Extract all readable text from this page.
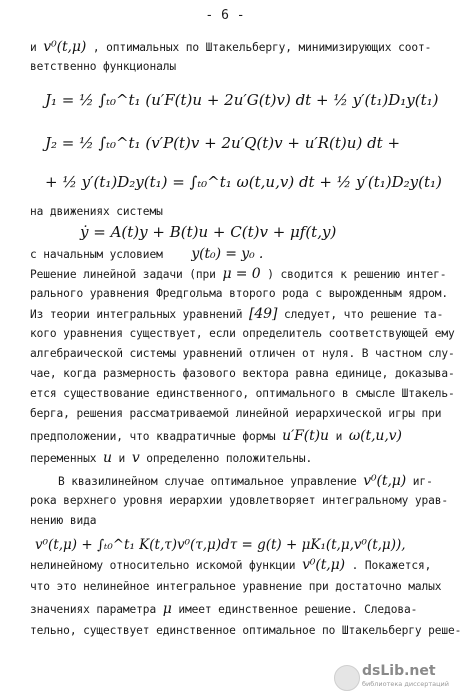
- 6 -
и v⁰(t,μ) , оптимальных по Штакельбергу, минимизирующих соот-
ветственно функционалы
J₁ = ½ ∫ₜ₀^t₁ (u′F(t)u + 2u′G(t)v) dt + ½ y′(t₁)D₁y(t₁)
J₂ = ½ ∫ₜ₀^t₁ (v′P(t)v + 2u′Q(t)v + u′R(t)u) dt +
+ ½ y′(t₁)D₂y(t₁) = ∫ₜ₀^t₁ ω(t,u,v) dt + ½ y′(t₁)D₂y(t₁)
на движениях системы
ẏ = A(t)y + B(t)u + C(t)v + μf(t,y)
с начальным условием y(t₀) = y₀ .
Решение линейной задачи (при μ = 0 ) сводится к решению интег-
рального уравнения Фредгольма второго рода с вырожденным ядром.
Из теории интегральных уравнений [49] следует, что решение та-
кого уравнения существует, если определитель соответствующей ему
алгебраической системы уравнений отличен от нуля. В частном слу-
чае, когда размерность фазового вектора равна единице, доказыва-
ется существование единственного, оптимального в смысле Штакель-
берга, решения рассматриваемой линейной иерархической игры при
предположении, что квадратичные формы u′F(t)u и ω(t,u,v)
переменных u и v определенно положительны.
В квазилинейном случае оптимальное управление v⁰(t,μ) иг-
рока верхнего уровня иерархии удовлетворяет интегральному урав-
нению вида
v⁰(t,μ) + ∫ₜ₀^t₁ K(t,τ)v⁰(τ,μ)dτ = g(t) + μK₁(t,μ,v⁰(t,μ)),
нелинейному относительно искомой функции v⁰(t,μ) . Покажется,
что это нелинейное интегральное уравнение при достаточно малых
значениях параметра μ имеет единственное решение. Следова-
тельно, существует единственное оптимальное по Штакельбергу реше-
dsLib.net
библиотека диссертаций
